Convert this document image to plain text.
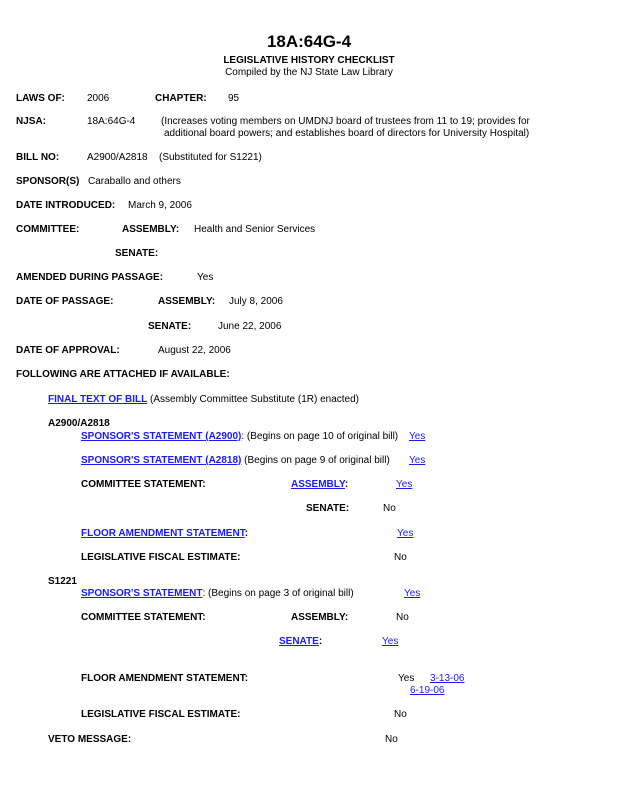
18A:64G-4
LEGISLATIVE HISTORY CHECKLIST
Compiled by the NJ State Law Library
LAWS OF: 2006	CHAPTER: 95
NJSA:	18A:64G-4	(Increases voting members on UMDNJ board of trustees from 11 to 19; provides for
additional board powers; and establishes board of directors for University Hospital)
BILL NO:	A2900/A2818 (Substituted for S1221)
SPONSOR(S) Caraballo and others
DATE INTRODUCED: March 9, 2006
COMMITTEE:	ASSEMBLY: Health and Senior Services
SENATE:
AMENDED DURING PASSAGE:	Yes
DATE OF PASSAGE:	ASSEMBLY: July 8, 2006
SENATE:	June 22, 2006
DATE OF APPROVAL:	August 22, 2006
FOLLOWING ARE ATTACHED IF AVAILABLE:
FINAL TEXT OF BILL (Assembly Committee Substitute (1R) enacted)
A2900/A2818
SPONSOR'S STATEMENT (A2900): (Begins on page 10 of original bill) Yes
SPONSOR'S STATEMENT (A2818) (Begins on page 9 of original bill) Yes
COMMITTEE STATEMENT:	ASSEMBLY:	Yes
SENATE:	No
FLOOR AMENDMENT STATEMENT:	Yes
LEGISLATIVE FISCAL ESTIMATE:	No
S1221
SPONSOR'S STATEMENT: (Begins on page 3 of original bill)	Yes
COMMITTEE STATEMENT:	ASSEMBLY:	No
SENATE:	Yes
FLOOR AMENDMENT STATEMENT:	Yes 3-13-06
6-19-06
LEGISLATIVE FISCAL ESTIMATE:	No
VETO MESSAGE:	No
